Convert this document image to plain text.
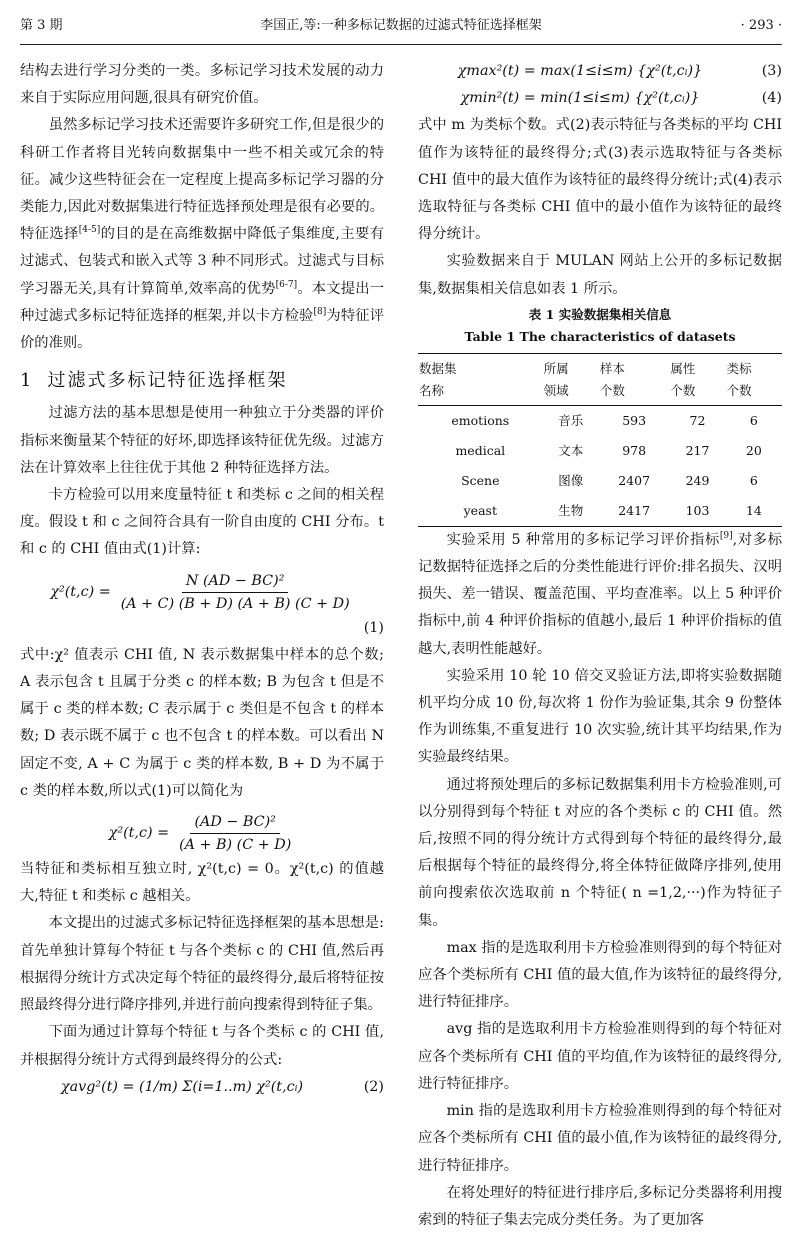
第 3 期	李国正,等:一种多标记数据的过滤式特征选择框架	· 293 ·

结构去进行学习分类的一类。多标记学习技术发展的动力来自于实际应用问题,很具有研究价值。

虽然多标记学习技术还需要许多研究工作,但是很少的科研工作者将目光转向数据集中一些不相关或冗余的特征。减少这些特征会在一定程度上提高多标记学习器的分类能力,因此对数据集进行特征选择预处理是很有必要的。特征选择[4-5]的目的是在高维数据中降低子集维度,主要有过滤式、包装式和嵌入式等 3 种不同形式。过滤式与目标学习器无关,具有计算简单,效率高的优势[6-7]。本文提出一种过滤式多标记特征选择的框架,并以卡方检验[8]为特征评价的准则。

1 过滤式多标记特征选择框架

过滤方法的基本思想是使用一种独立于分类器的评价指标来衡量某个特征的好坏,即选择该特征优先级。过滤方法在计算效率上往往优于其他 2 种特征选择方法。

卡方检验可以用来度量特征 t 和类标 c 之间的相关程度。假设 t 和 c 之间符合具有一阶自由度的 CHI 分布。t 和 c 的 CHI 值由式(1)计算:

$\chi^2(t,c) = \frac{\text{N (AD − BC)²}}{(A + C) (B + D) (A + B) (C + D)}$
(1)

式中:χ² 值表示 CHI 值, N 表示数据集中样本的总个数; A 表示包含 t 且属于分类 c 的样本数; B 为包含 t 但是不属于 c 类的样本数; C 表示属于 c 类但是不包含 t 的样本数; D 表示既不属于 c 也不包含 t 的样本数。可以看出 N 固定不变, A + C 为属于 c 类的样本数, B + D 为不属于 c 类的样本数,所以式(1)可以简化为

$\chi^2(t,c) = \frac{\text{(AD − BC)²}}{(A + B) (C + D)}$

当特征和类标相互独立时, χ²(t,c) = 0。χ²(t,c) 的值越大,特征 t 和类标 c 越相关。

本文提出的过滤式多标记特征选择框架的基本思想是:首先单独计算每个特征 t 与各个类标 c 的 CHI 值,然后再根据得分统计方式决定每个特征的最终得分,最后将特征按照最终得分进行降序排列,并进行前向搜索得到特征子集。

下面为通过计算每个特征 t 与各个类标 c 的 CHI 值,并根据得分统计方式得到最终得分的公式:

χavg²(t) = (1/m) Σ(i=1..m) χ²(t,cᵢ)	(2)
χmax²(t) = max(1≤i≤m) {χ²(t,cᵢ)}	(3)
χmin²(t) = min(1≤i≤m) {χ²(t,cᵢ)}	(4)

式中 m 为类标个数。式(2)表示特征与各类标的平均 CHI 值作为该特征的最终得分;式(3)表示选取特征与各类标 CHI 值中的最大值作为该特征的最终得分统计;式(4)表示选取特征与各类标 CHI 值中的最小值作为该特征的最终得分统计。

实验数据来自于 MULAN 网站上公开的多标记数据集,数据集相关信息如表 1 所示。

表 1 实验数据集相关信息
Table 1 The characteristics of datasets
数据集	所属	样本	属性	类标
名称	领域	个数	个数	个数
emotions	音乐	593	72	6
medical	文本	978	217	20
Scene	图像	2407	249	6
yeast	生物	2417	103	14

实验采用 5 种常用的多标记学习评价指标[9],对多标记数据特征选择之后的分类性能进行评价:排名损失、汉明损失、差一错误、覆盖范围、平均查准率。以上 5 种评价指标中,前 4 种评价指标的值越小,最后 1 种评价指标的值越大,表明性能越好。

实验采用 10 轮 10 倍交叉验证方法,即将实验数据随机平均分成 10 份,每次将 1 份作为验证集,其余 9 份整体作为训练集,不重复进行 10 次实验,统计其平均结果,作为实验最终结果。

通过将预处理后的多标记数据集利用卡方检验准则,可以分别得到每个特征 t 对应的各个类标 c 的 CHI 值。然后,按照不同的得分统计方式得到每个特征的最终得分,最后根据每个特征的最终得分,将全体特征做降序排列,使用前向搜索依次选取前 n 个特征( n =1,2,···)作为特征子集。

max 指的是选取利用卡方检验准则得到的每个特征对应各个类标所有 CHI 值的最大值,作为该特征的最终得分,进行特征排序。

avg 指的是选取利用卡方检验准则得到的每个特征对应各个类标所有 CHI 值的平均值,作为该特征的最终得分,进行特征排序。

min 指的是选取利用卡方检验准则得到的每个特征对应各个类标所有 CHI 值的最小值,作为该特征的最终得分,进行特征排序。

在将处理好的特征进行排序后,多标记分类器将利用搜索到的特征子集去完成分类任务。为了更加客
